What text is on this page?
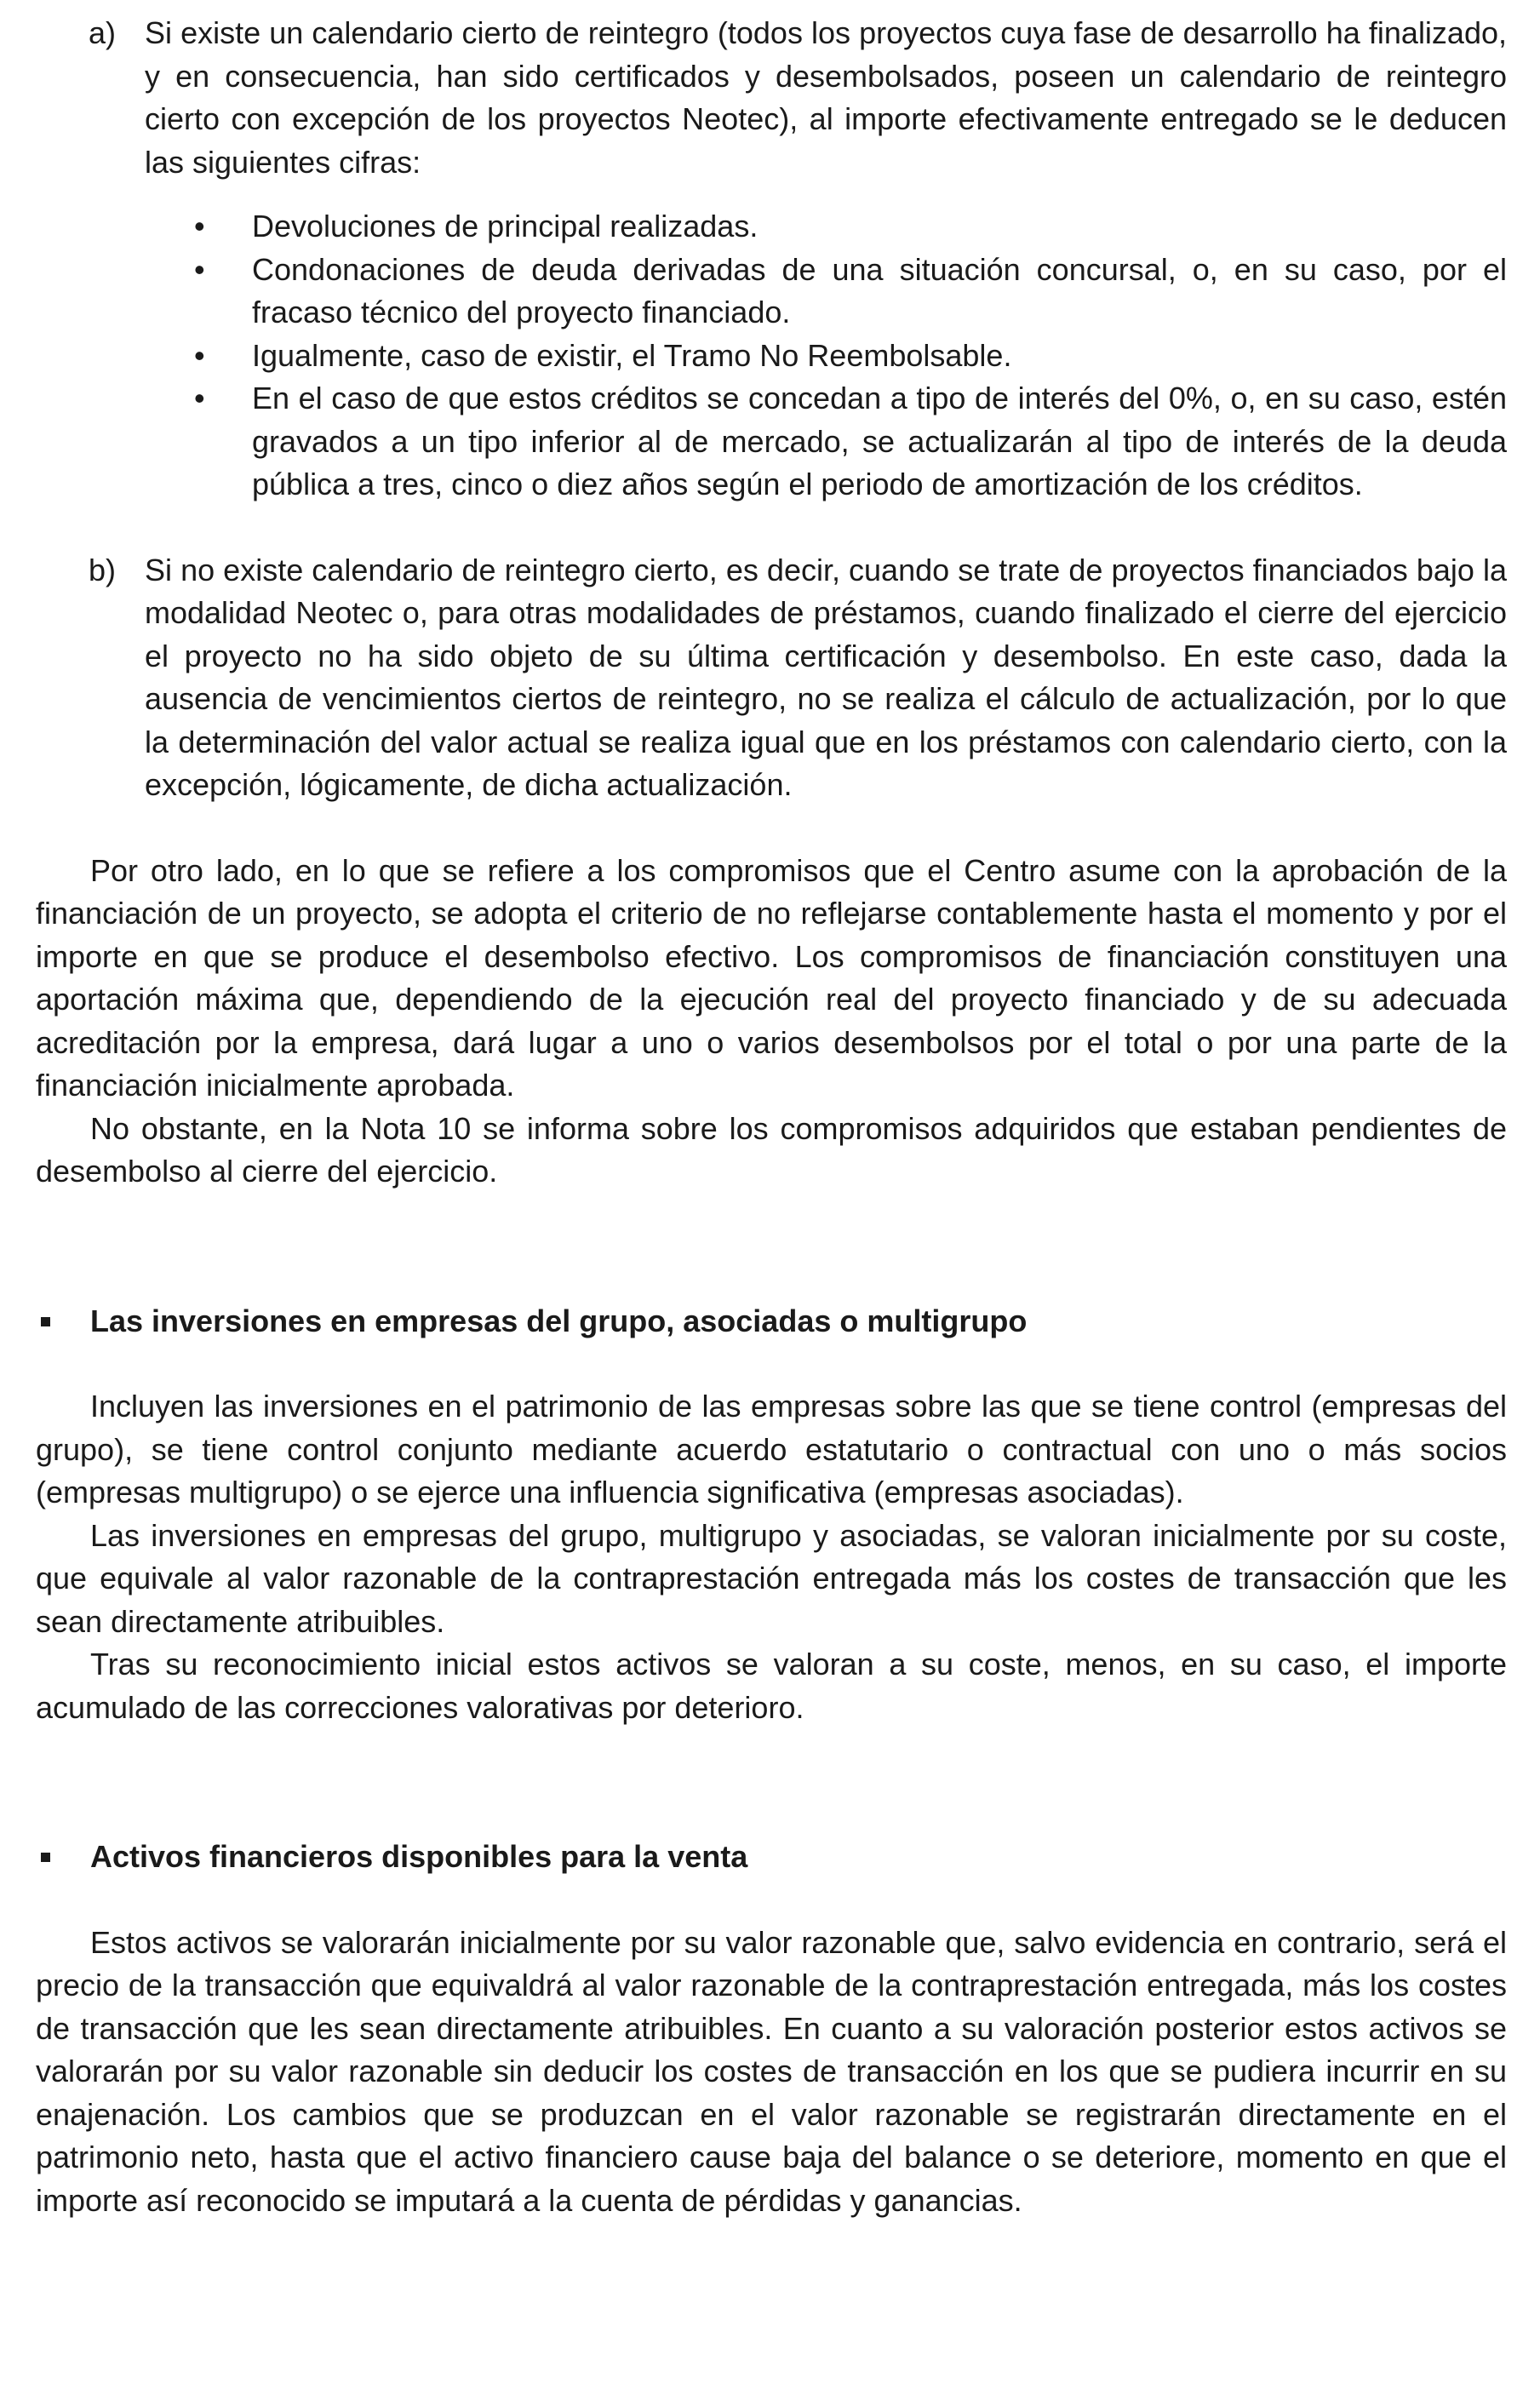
a) Si existe un calendario cierto de reintegro (todos los proyectos cuya fase de desarrollo ha finalizado, y en consecuencia, han sido certificados y desembolsados, poseen un calendario de reintegro cierto con excepción de los proyectos Neotec), al importe efectivamente entregado se le deducen las siguientes cifras:
• Devoluciones de principal realizadas.
• Condonaciones de deuda derivadas de una situación concursal, o, en su caso, por el fracaso técnico del proyecto financiado.
• Igualmente, caso de existir, el Tramo No Reembolsable.
• En el caso de que estos créditos se concedan a tipo de interés del 0%, o, en su caso, estén gravados a un tipo inferior al de mercado, se actualizarán al tipo de interés de la deuda pública a tres, cinco o diez años según el periodo de amortización de los créditos.
b) Si no existe calendario de reintegro cierto, es decir, cuando se trate de proyectos financiados bajo la modalidad Neotec o, para otras modalidades de préstamos, cuando finalizado el cierre del ejercicio el proyecto no ha sido objeto de su última certificación y desembolso. En este caso, dada la ausencia de vencimientos ciertos de reintegro, no se realiza el cálculo de actualización, por lo que la determinación del valor actual se realiza igual que en los préstamos con calendario cierto, con la excepción, lógicamente, de dicha actualización.

Por otro lado, en lo que se refiere a los compromisos que el Centro asume con la aprobación de la financiación de un proyecto, se adopta el criterio de no reflejarse contablemente hasta el momento y por el importe en que se produce el desembolso efectivo. Los compromisos de financiación constituyen una aportación máxima que, dependiendo de la ejecución real del proyecto financiado y de su adecuada acreditación por la empresa, dará lugar a uno o varios desembolsos por el total o por una parte de la financiación inicialmente aprobada.

No obstante, en la Nota 10 se informa sobre los compromisos adquiridos que estaban pendientes de desembolso al cierre del ejercicio.

Las inversiones en empresas del grupo, asociadas o multigrupo

Incluyen las inversiones en el patrimonio de las empresas sobre las que se tiene control (empresas del grupo), se tiene control conjunto mediante acuerdo estatutario o contractual con uno o más socios (empresas multigrupo) o se ejerce una influencia significativa (empresas asociadas).

Las inversiones en empresas del grupo, multigrupo y asociadas, se valoran inicialmente por su coste, que equivale al valor razonable de la contraprestación entregada más los costes de transacción que les sean directamente atribuibles.

Tras su reconocimiento inicial estos activos se valoran a su coste, menos, en su caso, el importe acumulado de las correcciones valorativas por deterioro.

Activos financieros disponibles para la venta

Estos activos se valorarán inicialmente por su valor razonable que, salvo evidencia en contrario, será el precio de la transacción que equivaldrá al valor razonable de la contraprestación entregada, más los costes de transacción que les sean directamente atribuibles. En cuanto a su valoración posterior estos activos se valorarán por su valor razonable sin deducir los costes de transacción en los que se pudiera incurrir en su enajenación. Los cambios que se produzcan en el valor razonable se registrarán directamente en el patrimonio neto, hasta que el activo financiero cause baja del balance o se deteriore, momento en que el importe así reconocido se imputará a la cuenta de pérdidas y ganancias.
